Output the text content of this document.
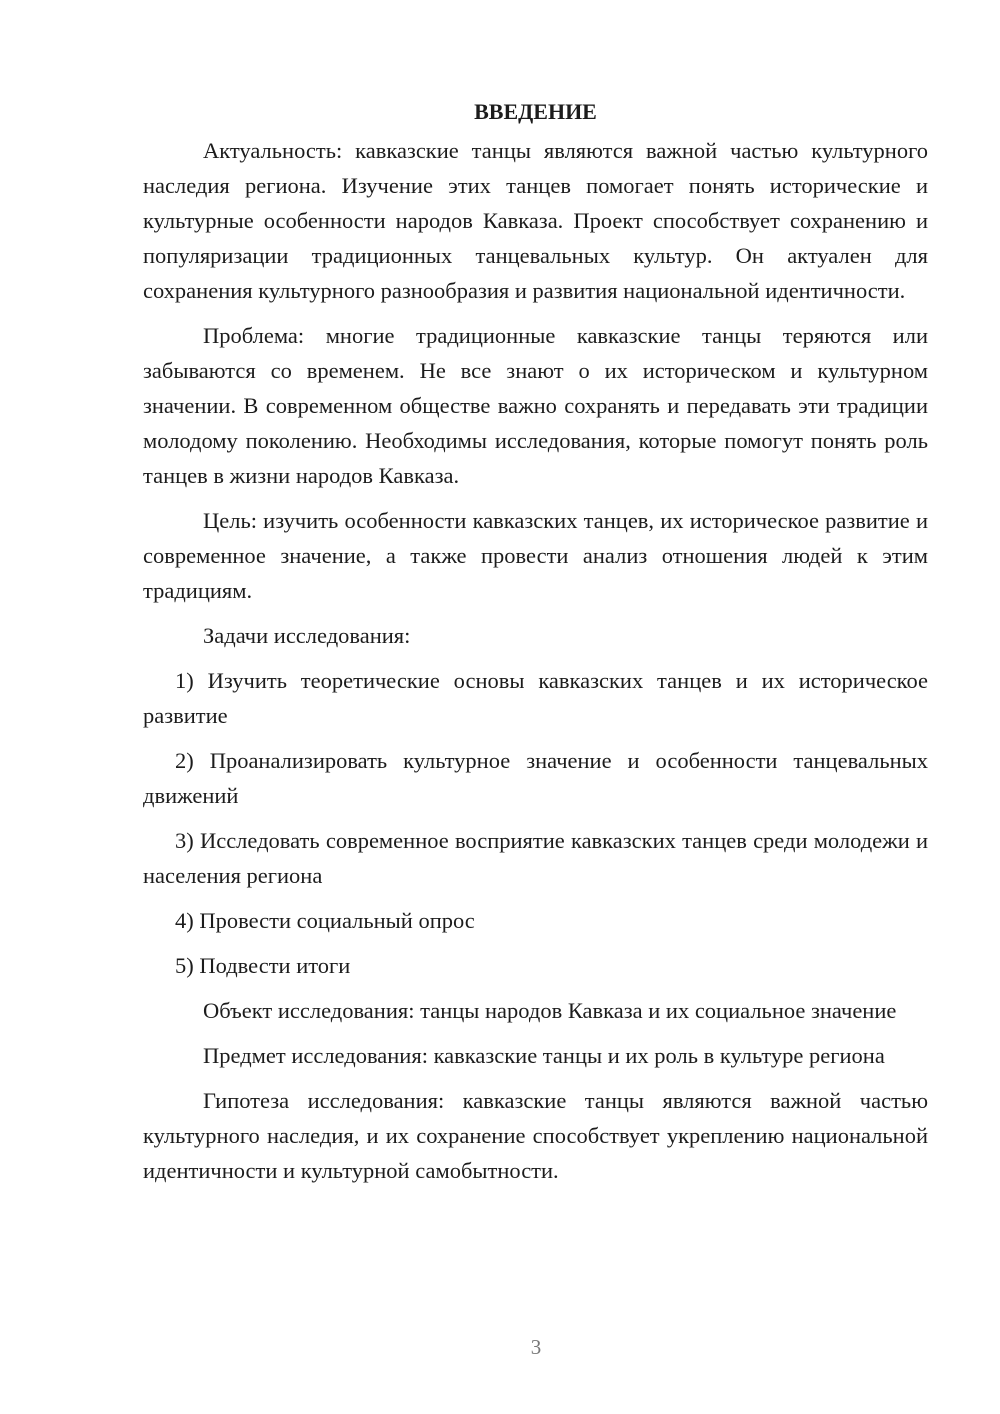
ВВЕДЕНИЕ

Актуальность: кавказские танцы являются важной частью культурного наследия региона. Изучение этих танцев помогает понять исторические и культурные особенности народов Кавказа. Проект способствует сохранению и популяризации традиционных танцевальных культур. Он актуален для сохранения культурного разнообразия и развития национальной идентичности.

Проблема: многие традиционные кавказские танцы теряются или забываются со временем. Не все знают о их историческом и культурном значении. В современном обществе важно сохранять и передавать эти традиции молодому поколению. Необходимы исследования, которые помогут понять роль танцев в жизни народов Кавказа.

Цель: изучить особенности кавказских танцев, их историческое развитие и современное значение, а также провести анализ отношения людей к этим традициям.

Задачи исследования:

1) Изучить теоретические основы кавказских танцев и их историческое развитие

2) Проанализировать культурное значение и особенности танцевальных движений

3) Исследовать современное восприятие кавказских танцев среди молодежи и населения региона

4) Провести социальный опрос

5) Подвести итоги

Объект исследования: танцы народов Кавказа и их социальное значение

Предмет исследования: кавказские танцы и их роль в культуре региона

Гипотеза исследования: кавказские танцы являются важной частью культурного наследия, и их сохранение способствует укреплению национальной идентичности и культурной самобытности.

3
